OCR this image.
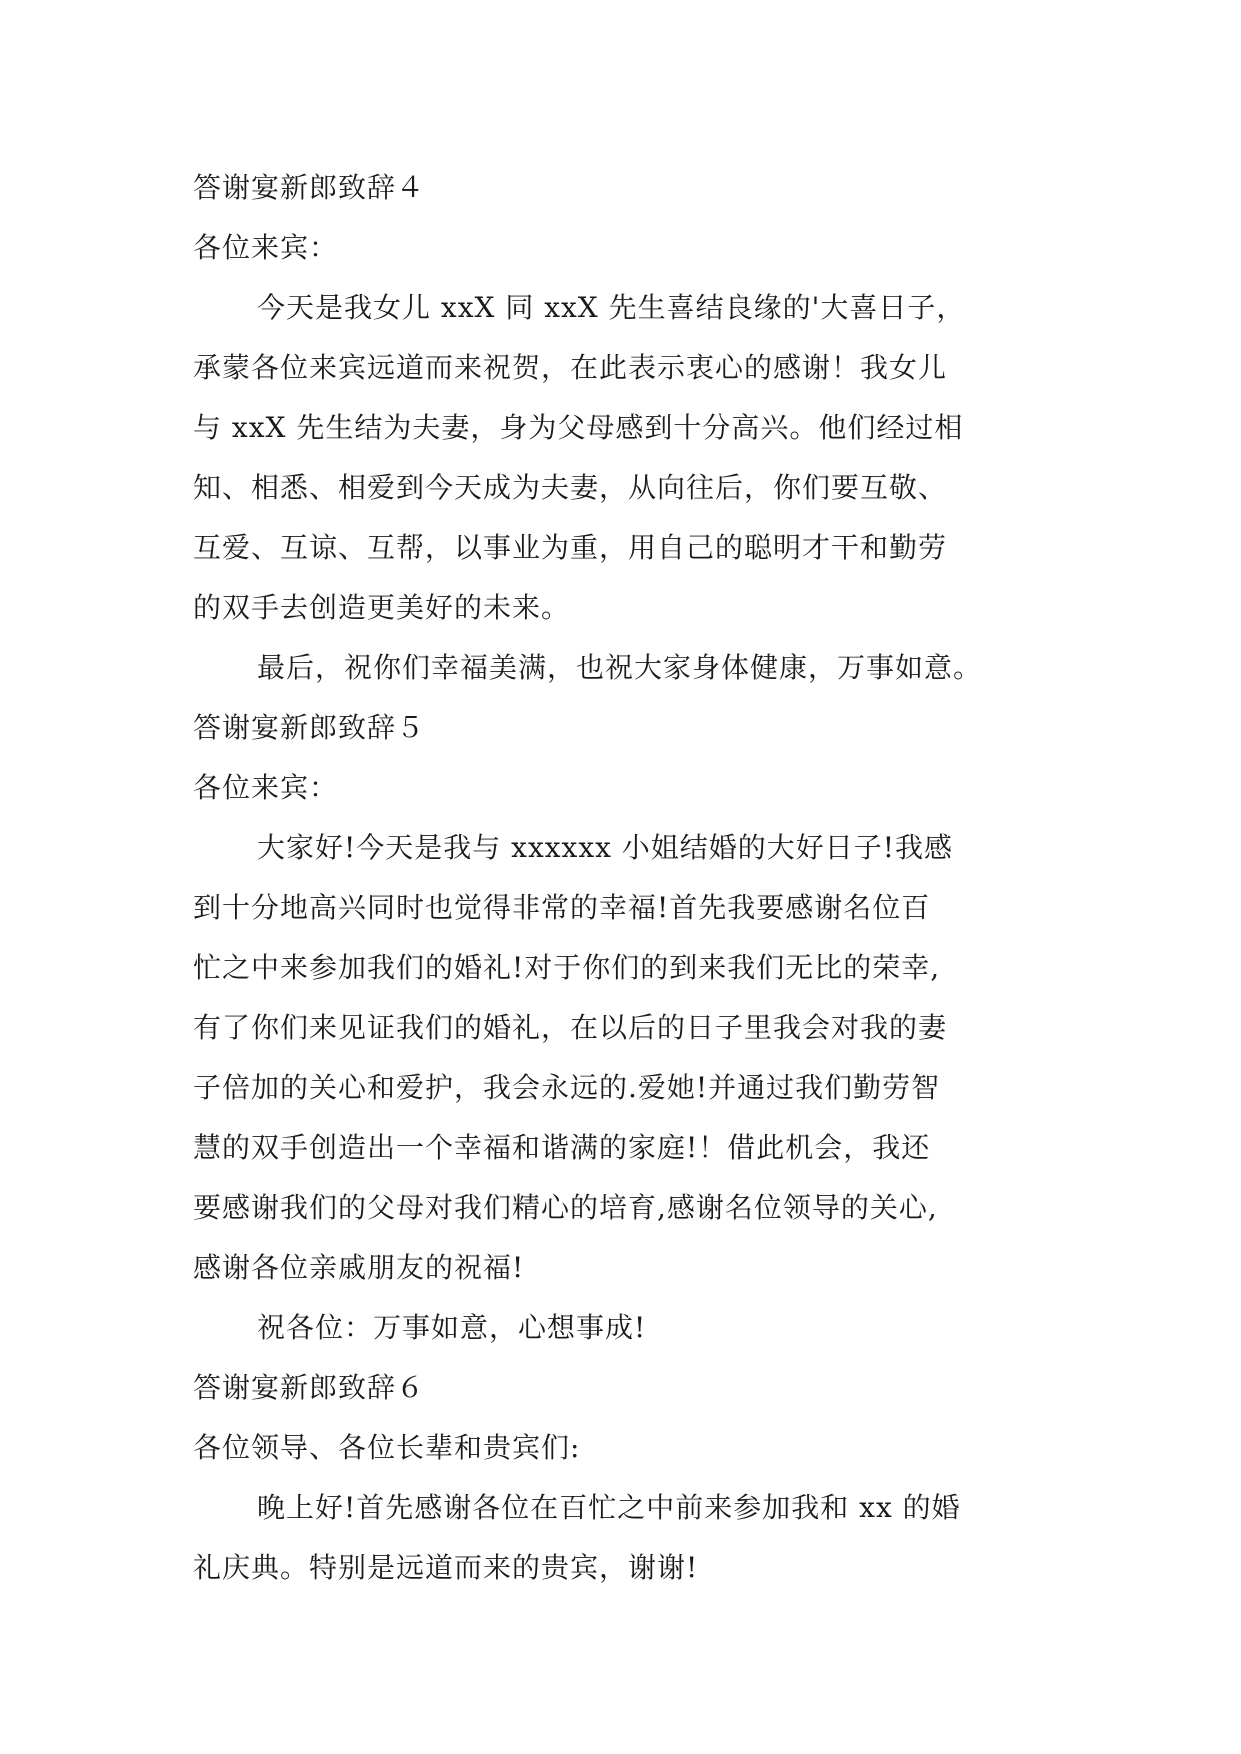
答谢宴新郎致辞４
各位来宾：
今天是我女儿 xxX 同 xxX 先生喜结良缘的'大喜日子，
承蒙各位来宾远道而来祝贺，在此表示衷心的感谢！我女儿
与 xxX 先生结为夫妻，身为父母感到十分高兴。他们经过相
知、相悉、相爱到今天成为夫妻，从向往后，你们要互敬、
互爱、互谅、互帮，以事业为重，用自己的聪明才干和勤劳
的双手去创造更美好的未来。
最后，祝你们幸福美满，也祝大家身体健康，万事如意。
答谢宴新郎致辞５
各位来宾：
大家好!今天是我与 xxxxxx 小姐结婚的大好日子!我感
到十分地高兴同时也觉得非常的幸福!首先我要感谢名位百
忙之中来参加我们的婚礼!对于你们的到来我们无比的荣幸,
有了你们来见证我们的婚礼，在以后的日子里我会对我的妻
子倍加的关心和爱护，我会永远的.爱她!并通过我们勤劳智
慧的双手创造出一个幸福和谐满的家庭!！借此机会，我还
要感谢我们的父母对我们精心的培育,感谢名位领导的关心,
感谢各位亲戚朋友的祝福!
祝各位：万事如意，心想事成!
答谢宴新郎致辞６
各位领导、各位长辈和贵宾们:
晚上好!首先感谢各位在百忙之中前来参加我和 xx 的婚
礼庆典。特别是远道而来的贵宾，谢谢!
